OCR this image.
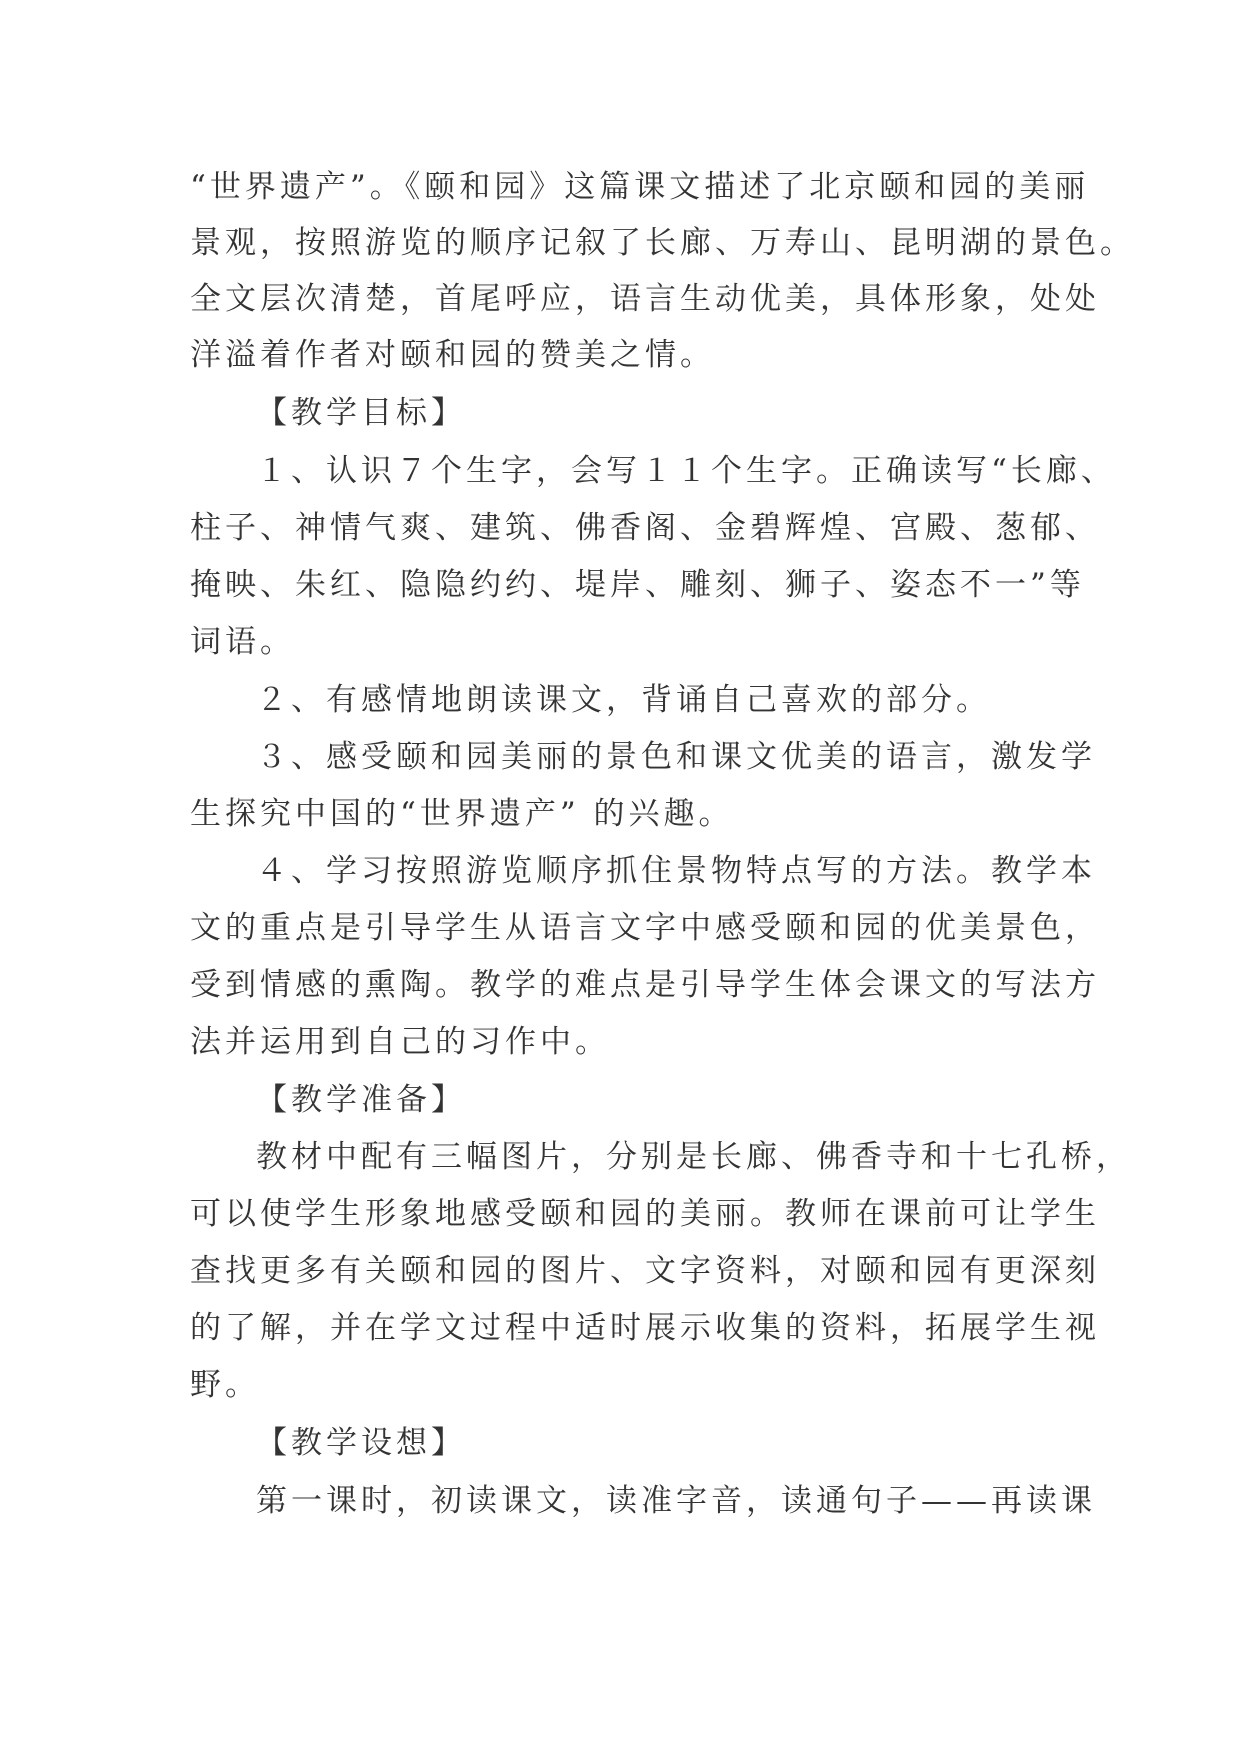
“世界遗产”。《颐和园》这篇课文描述了北京颐和园的美丽
景观，按照游览的顺序记叙了长廊、万寿山、昆明湖的景色。
全文层次清楚，首尾呼应，语言生动优美，具体形象，处处
洋溢着作者对颐和园的赞美之情。
【教学目标】
１、认识７个生字，会写１１个生字。正确读写“长廊、
柱子、神情气爽、建筑、佛香阁、金碧辉煌、宫殿、葱郁、
掩映、朱红、隐隐约约、堤岸、雕刻、狮子、姿态不一”等
词语。
２、有感情地朗读课文，背诵自己喜欢的部分。
３、感受颐和园美丽的景色和课文优美的语言，激发学
生探究中国的“世界遗产” 的兴趣。
４、学习按照游览顺序抓住景物特点写的方法。教学本
文的重点是引导学生从语言文字中感受颐和园的优美景色，
受到情感的熏陶。教学的难点是引导学生体会课文的写法方
法并运用到自己的习作中。
【教学准备】
教材中配有三幅图片，分别是长廊、佛香寺和十七孔桥，
可以使学生形象地感受颐和园的美丽。教师在课前可让学生
查找更多有关颐和园的图片、文字资料，对颐和园有更深刻
的了解，并在学文过程中适时展示收集的资料，拓展学生视
野。
【教学设想】
第一课时，初读课文，读准字音，读通句子——再读课
